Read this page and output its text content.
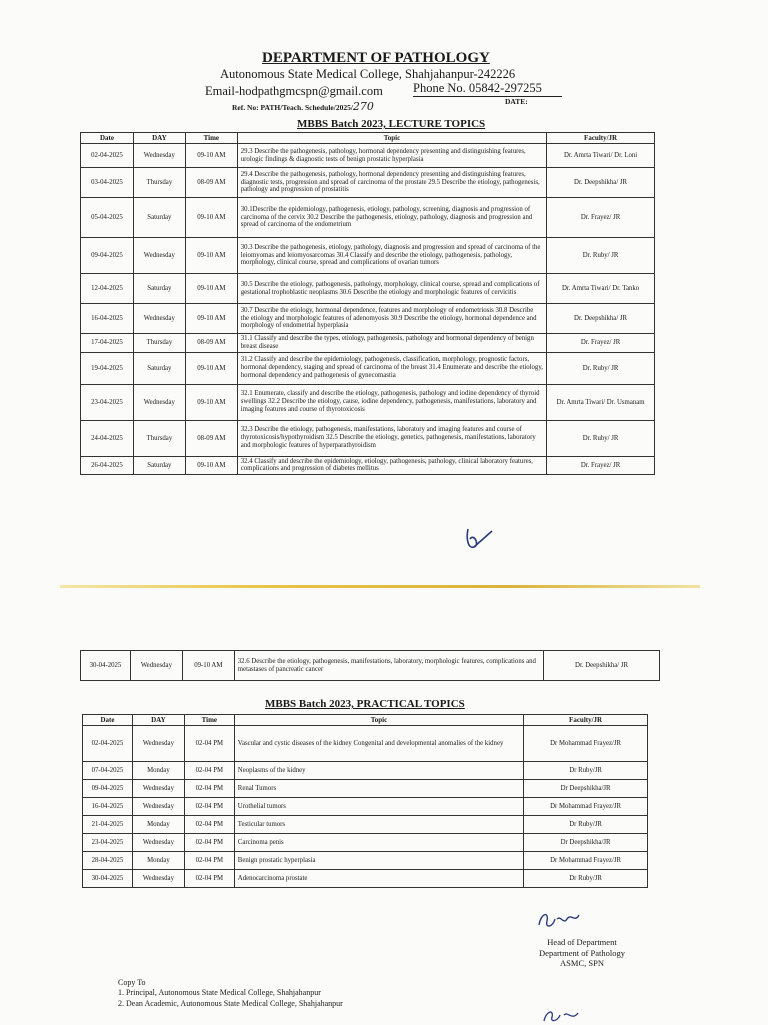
DEPARTMENT OF PATHOLOGY
Autonomous State Medical College, Shahjahanpur-242226
Email-hodpathgmcspn@gmail.com Phone No. 05842-297255
Ref. No: PATH/Teach. Schedule/2025/270	DATE:
MBBS Batch 2023, LECTURE TOPICS
Date	DAY	Time	Topic	Faculty/JR
02-04-2025	Wednesday	09-10 AM	29.3 Describe the pathogenesis, pathology, hormonal dependency presenting and distinguishing features, urologic findings & diagnostic tests of benign prostatic hyperplasia	Dr. Amrta Tiwari/ Dr. Loni
03-04-2025	Thursday	08-09 AM	29.4 Describe the pathogenesis, pathology, hormonal dependency presenting and distinguishing features, diagnostic tests, progression and spread of carcinoma of the prostate 29.5 Describe the etiology, pathogenesis, pathology and progression of prostatitis	Dr. Deepshikha/ JR
05-04-2025	Saturday	09-10 AM	30.1Describe the epidemiology, pathogenesis, etiology, pathology, screening, diagnosis and progression of carcinoma of the cervix 30.2 Describe the pathogenesis, etiology, pathology, diagnosis and progression and spread of carcinoma of the endometrium	Dr. Frayez/ JR
09-04-2025	Wednesday	09-10 AM	30.3 Describe the pathogenesis, etiology, pathology, diagnosis and progression and spread of carcinoma of the leiomyomas and leiomyosarcomas 30.4 Classify and describe the etiology, pathogenesis, pathology, morphology, clinical course, spread and complications of ovarian tumors	Dr. Ruby/ JR
12-04-2025	Saturday	09-10 AM	30.5 Describe the etiology, pathogenesis, pathology, morphology, clinical course, spread and complications of gestational trophoblastic neoplasms 30.6 Describe the etiology and morphologic features of cervicitis	Dr. Amrta Tiwari/ Dr. Tanko
16-04-2025	Wednesday	09-10 AM	30.7 Describe the etiology, hormonal dependence, features and morphology of endometriosis 30.8 Describe the etiology and morphologic features of adenomyosis 30.9 Describe the etiology, hormonal dependence and morphology of endometrial hyperplasia	Dr. Deepshikha/ JR
17-04-2025	Thursday	08-09 AM	31.1 Classify and describe the types, etiology, pathogenesis, pathology and hormonal dependency of benign breast disease	Dr. Frayez/ JR
19-04-2025	Saturday	09-10 AM	31.2 Classify and describe the epidemiology, pathogenesis, classification, morphology, prognostic factors, hormonal dependency, staging and spread of carcinoma of the breast 31.4 Enumerate and describe the etiology, hormonal dependency and pathogenesis of gynecomastia	Dr. Ruby/ JR
23-04-2025	Wednesday	09-10 AM	32.1 Enumerate, classify and describe the etiology, pathogenesis, pathology and iodine dependency of thyroid swellings 32.2 Describe the etiology, cause, iodine dependency, pathogenesis, manifestations, laboratory and imaging features and course of thyrotoxicosis	Dr. Amrta Tiwari/ Dr. Usmanam
24-04-2025	Thursday	08-09 AM	32.3 Describe the etiology, pathogenesis, manifestations, laboratory and imaging features and course of thyrotoxicosis/hypothyroidism 32.5 Describe the etiology, genetics, pathogenesis, manifestations, laboratory and morphologic features of hyperparathyroidism	Dr. Ruby/ JR
26-04-2025	Saturday	09-10 AM	32.4 Classify and describe the epidemiology, etiology, pathogenesis, pathology, clinical laboratory features, complications and progression of diabetes mellitus	Dr. Frayez/ JR
30-04-2025	Wednesday	09-10 AM	32.6 Describe the etiology, pathogenesis, manifestations, laboratory, morphologic features, complications and metastases of pancreatic cancer	Dr. Deepshikha/ JR
MBBS Batch 2023, PRACTICAL TOPICS
Date	DAY	Time	Topic	Faculty/JR
02-04-2025	Wednesday	02-04 PM	Vascular and cystic diseases of the kidney Congenital and developmental anomalies of the kidney	Dr Mohammad Frayez/JR
07-04-2025	Monday	02-04 PM	Neoplasms of the kidney	Dr Ruby/JR
09-04-2025	Wednesday	02-04 PM	Renal Tumors	Dr Deepshikha/JR
16-04-2025	Wednesday	02-04 PM	Urothelial tumors	Dr Mohammad Frayez/JR
21-04-2025	Monday	02-04 PM	Testicular tumors	Dr Ruby/JR
23-04-2025	Wednesday	02-04 PM	Carcinoma penis	Dr Deepshikha/JR
28-04-2025	Monday	02-04 PM	Benign prostatic hyperplasia	Dr Mohammad Frayez/JR
30-04-2025	Wednesday	02-04 PM	Adenocarcinoma prostate	Dr Ruby/JR
Head of Department
Department of Pathology
ASMC, SPN
Copy To
1. Principal, Autonomous State Medical College, Shahjahanpur
2. Dean Academic, Autonomous State Medical College, Shahjahanpur
